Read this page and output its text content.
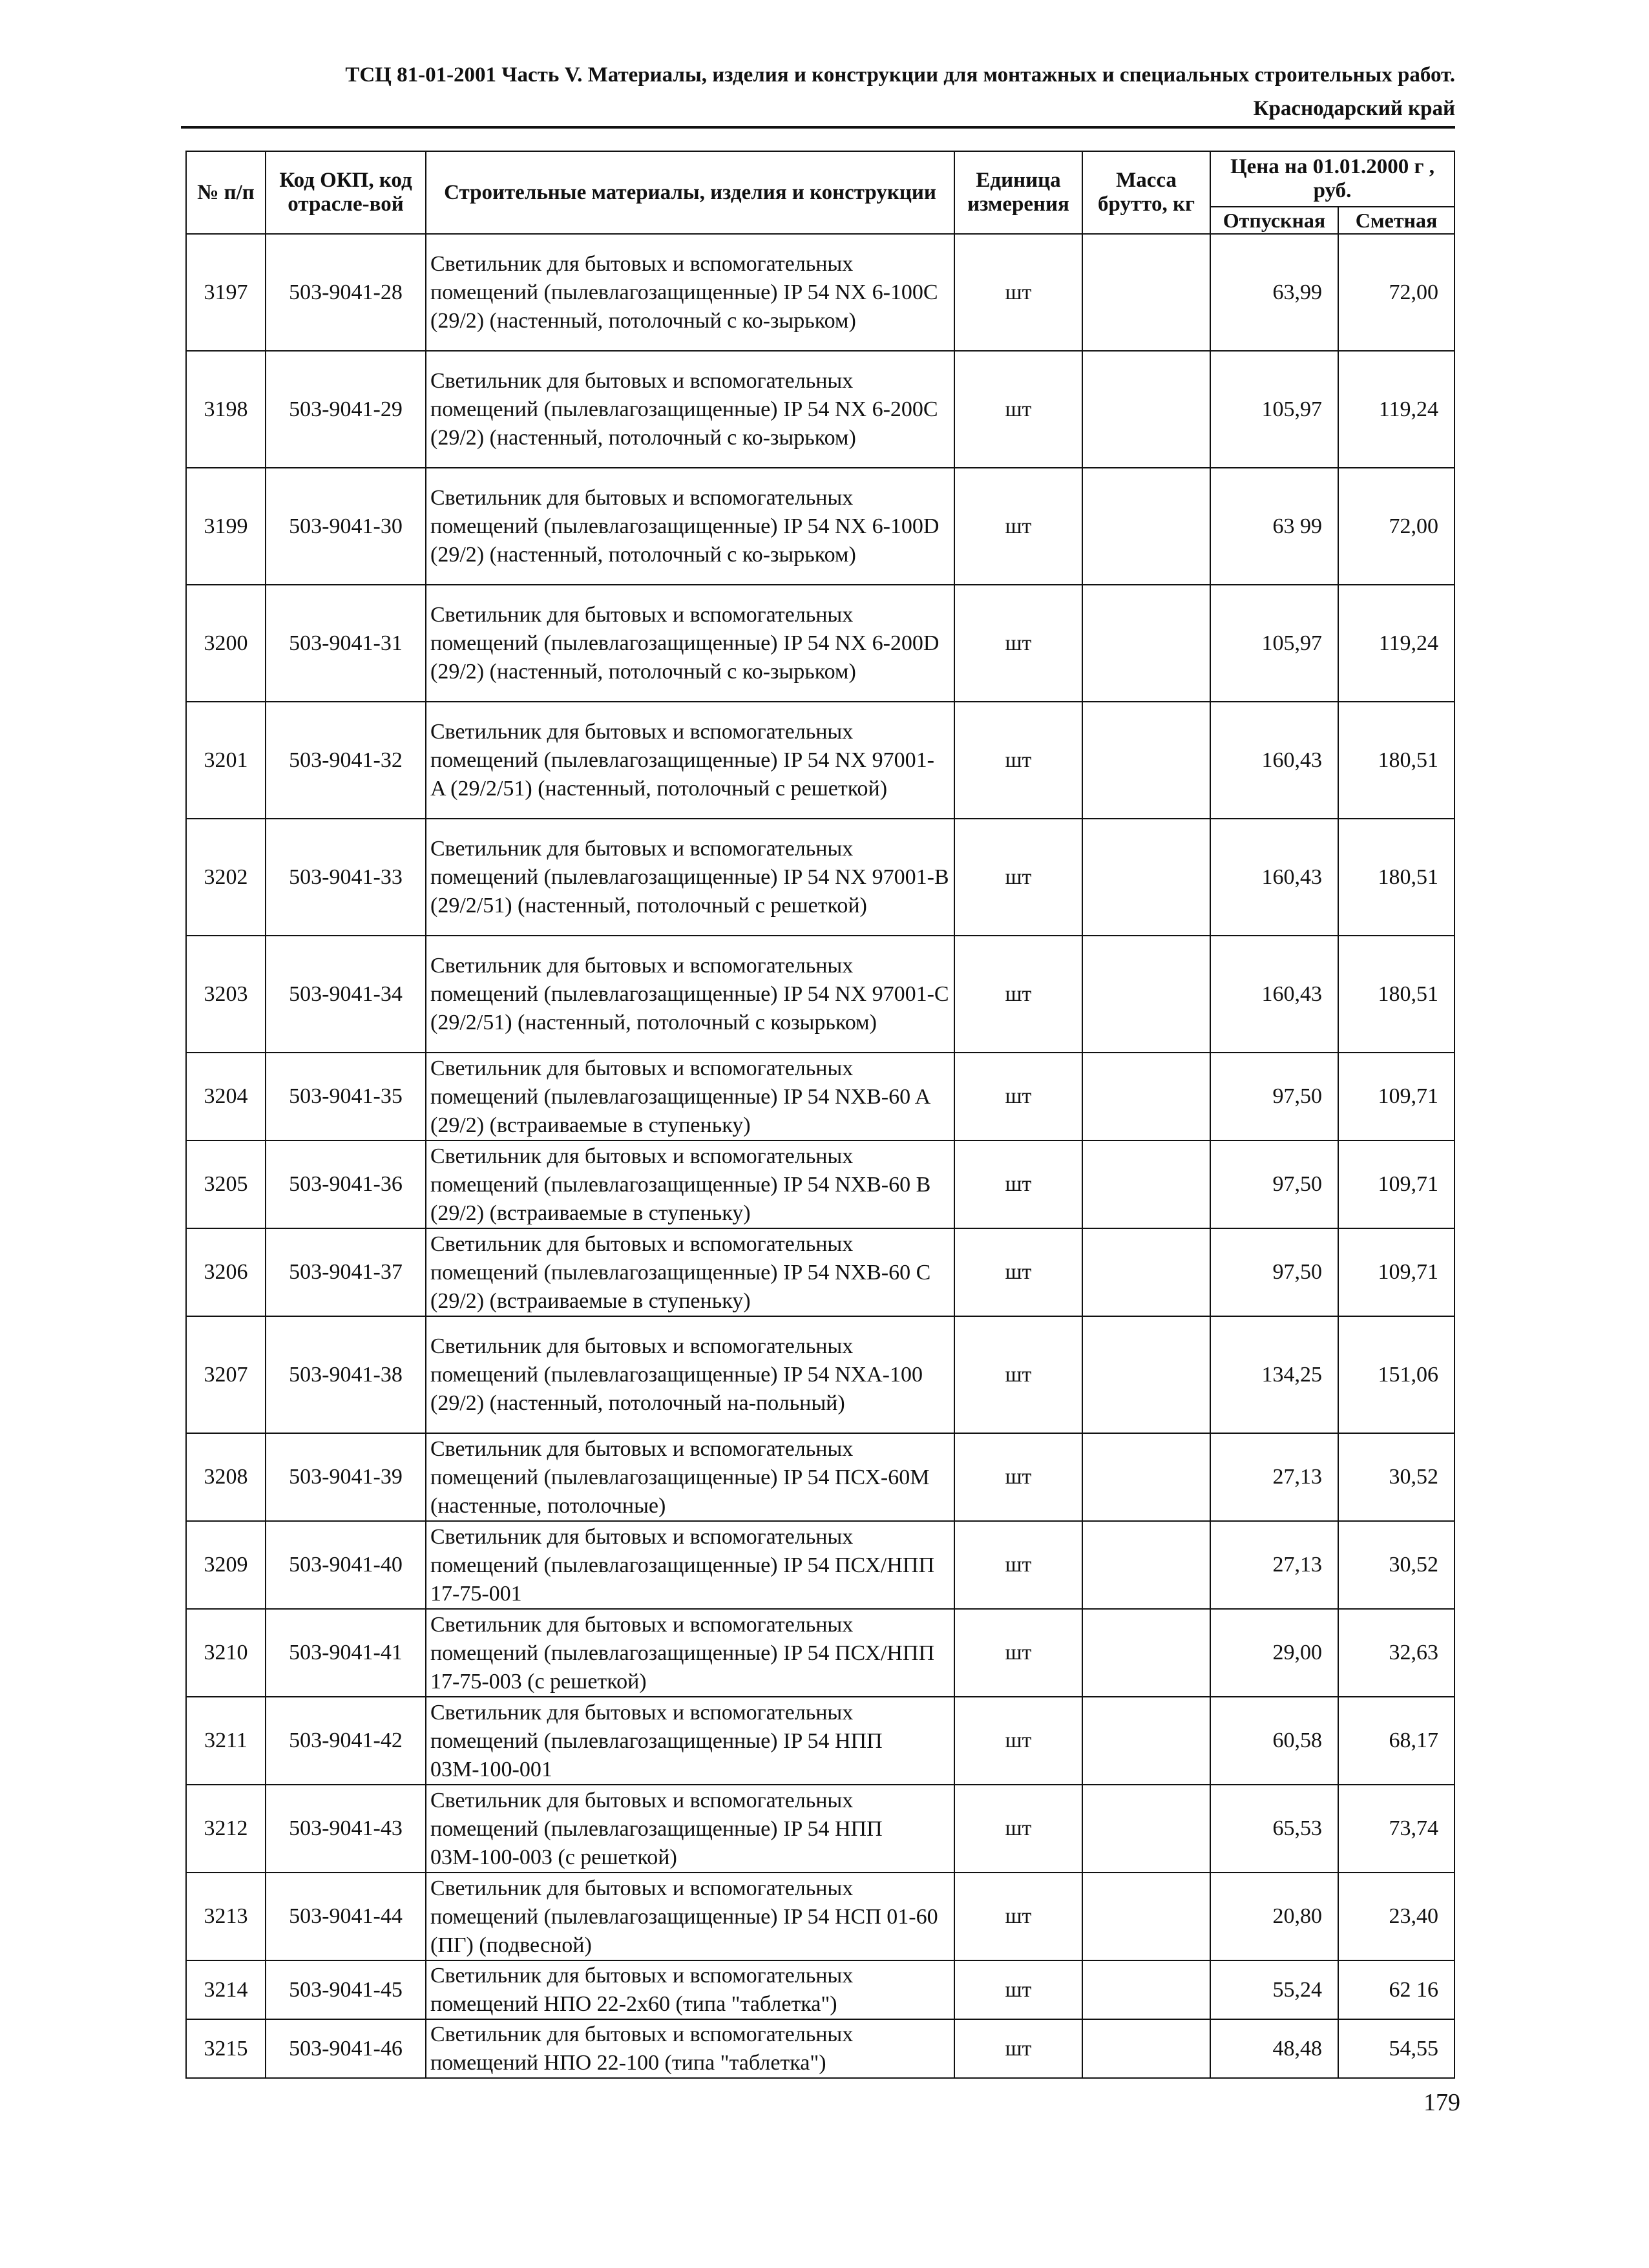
ТСЦ 81-01-2001 Часть V. Материалы, изделия и конструкции для монтажных и специальных строительных работ.
Краснодарский край
№ п/п	Код ОКП, код отрасле-вой	Строительные материалы, изделия и конструкции	Единица измерения	Масса брутто, кг	Цена на 01.01.2000 г , руб.	
					Отпускная	Сметная
3197	503-9041-28	Светильник для бытовых и вспомогательных помещений (пылевлагозащищенные) IP 54 NX 6-100C (29/2) (настенный, потолочный с ко-зырьком)	шт		63,99	72,00
3198	503-9041-29	Светильник для бытовых и вспомогательных помещений (пылевлагозащищенные) IP 54 NX 6-200C (29/2) (настенный, потолочный с ко-зырьком)	шт		105,97	119,24
3199	503-9041-30	Светильник для бытовых и вспомогательных помещений (пылевлагозащищенные) IP 54 NX 6-100D (29/2) (настенный, потолочный с ко-зырьком)	шт		63 99	72,00
3200	503-9041-31	Светильник для бытовых и вспомогательных помещений (пылевлагозащищенные) IP 54 NX 6-200D (29/2) (настенный, потолочный с ко-зырьком)	шт		105,97	119,24
3201	503-9041-32	Светильник для бытовых и вспомогательных помещений (пылевлагозащищенные) IP 54 NX 97001-A (29/2/51) (настенный, потолочный с решеткой)	шт		160,43	180,51
3202	503-9041-33	Светильник для бытовых и вспомогательных помещений (пылевлагозащищенные) IP 54 NX 97001-B (29/2/51) (настенный, потолочный с решеткой)	шт		160,43	180,51
3203	503-9041-34	Светильник для бытовых и вспомогательных помещений (пылевлагозащищенные) IP 54 NX 97001-C (29/2/51) (настенный, потолочный с козырьком)	шт		160,43	180,51
3204	503-9041-35	Светильник для бытовых и вспомогательных помещений (пылевлагозащищенные) IP 54 NXB-60 A (29/2) (встраиваемые в ступеньку)	шт		97,50	109,71
3205	503-9041-36	Светильник для бытовых и вспомогательных помещений (пылевлагозащищенные) IP 54 NXB-60 B (29/2) (встраиваемые в ступеньку)	шт		97,50	109,71
3206	503-9041-37	Светильник для бытовых и вспомогательных помещений (пылевлагозащищенные) IP 54 NXB-60 C (29/2) (встраиваемые в ступеньку)	шт		97,50	109,71
3207	503-9041-38	Светильник для бытовых и вспомогательных помещений (пылевлагозащищенные) IP 54 NXA-100 (29/2) (настенный, потолочный на-польный)	шт		134,25	151,06
3208	503-9041-39	Светильник для бытовых и вспомогательных помещений (пылевлагозащищенные) IP 54 ПСХ-60М (настенные, потолочные)	шт		27,13	30,52
3209	503-9041-40	Светильник для бытовых и вспомогательных помещений (пылевлагозащищенные) IP 54 ПСХ/НПП 17-75-001	шт		27,13	30,52
3210	503-9041-41	Светильник для бытовых и вспомогательных помещений (пылевлагозащищенные) IP 54 ПСХ/НПП 17-75-003 (с решеткой)	шт		29,00	32,63
3211	503-9041-42	Светильник для бытовых и вспомогательных помещений (пылевлагозащищенные) IP 54 НПП 03М-100-001	шт		60,58	68,17
3212	503-9041-43	Светильник для бытовых и вспомогательных помещений (пылевлагозащищенные) IP 54 НПП 03М-100-003 (с решеткой)	шт		65,53	73,74
3213	503-9041-44	Светильник для бытовых и вспомогательных помещений (пылевлагозащищенные) IP 54 НСП 01-60 (ПГ) (подвесной)	шт		20,80	23,40
3214	503-9041-45	Светильник для бытовых и вспомогательных помещений НПО 22-2х60 (типа "таблетка")	шт		55,24	62 16
3215	503-9041-46	Светильник для бытовых и вспомогательных помещений НПО 22-100 (типа "таблетка")	шт		48,48	54,55
179
